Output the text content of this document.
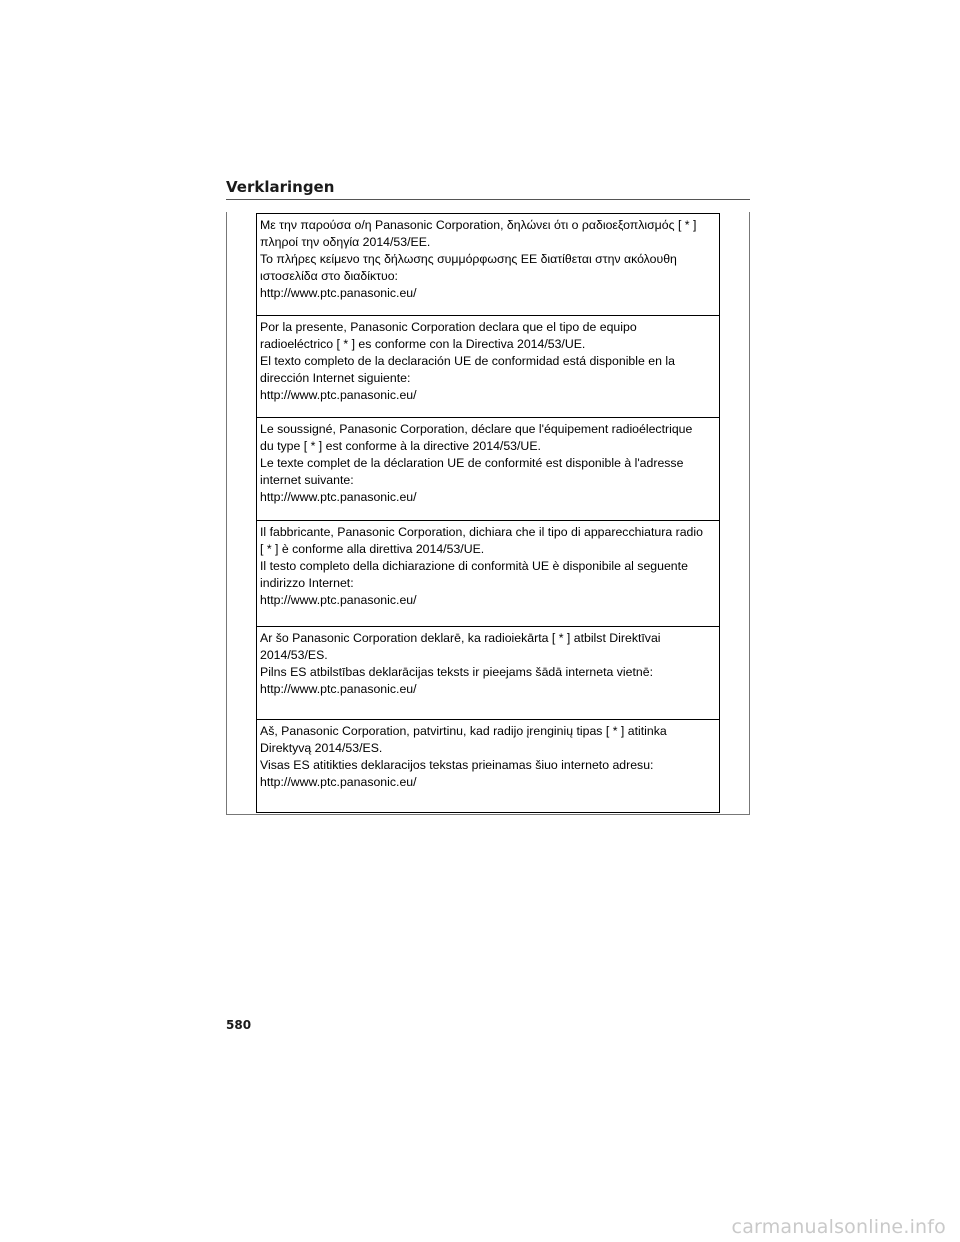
Verklaringen
Με την παρούσα ο/η Panasonic Corporation, δηλώνει ότι ο ραδιοεξοπλισμός [ * ]
πληροί την οδηγία 2014/53/ΕΕ.
Το πλήρες κείμενο της δήλωσης συμμόρφωσης ΕΕ διατίθεται στην ακόλουθη
ιστοσελίδα στο διαδίκτυο:
http://www.ptc.panasonic.eu/
Por la presente, Panasonic Corporation declara que el tipo de equipo
radioeléctrico [ * ] es conforme con la Directiva 2014/53/UE.
El texto completo de la declaración UE de conformidad está disponible en la
dirección Internet siguiente:
http://www.ptc.panasonic.eu/
Le soussigné, Panasonic Corporation, déclare que l'équipement radioélectrique
du type [ * ] est conforme à la directive 2014/53/UE.
Le texte complet de la déclaration UE de conformité est disponible à l'adresse
internet suivante:
http://www.ptc.panasonic.eu/
Il fabbricante, Panasonic Corporation, dichiara che il tipo di apparecchiatura radio
[ * ] è conforme alla direttiva 2014/53/UE.
Il testo completo della dichiarazione di conformità UE è disponibile al seguente
indirizzo Internet:
http://www.ptc.panasonic.eu/
Ar šo Panasonic Corporation deklarē, ka radioiekārta [ * ] atbilst Direktīvai
2014/53/ES.
Pilns ES atbilstības deklarācijas teksts ir pieejams šādā interneta vietnē:
http://www.ptc.panasonic.eu/
Aš, Panasonic Corporation, patvirtinu, kad radijo įrenginių tipas [ * ] atitinka
Direktyvą 2014/53/ES.
Visas ES atitikties deklaracijos tekstas prieinamas šiuo interneto adresu:
http://www.ptc.panasonic.eu/
580
carmanualsonline.info
